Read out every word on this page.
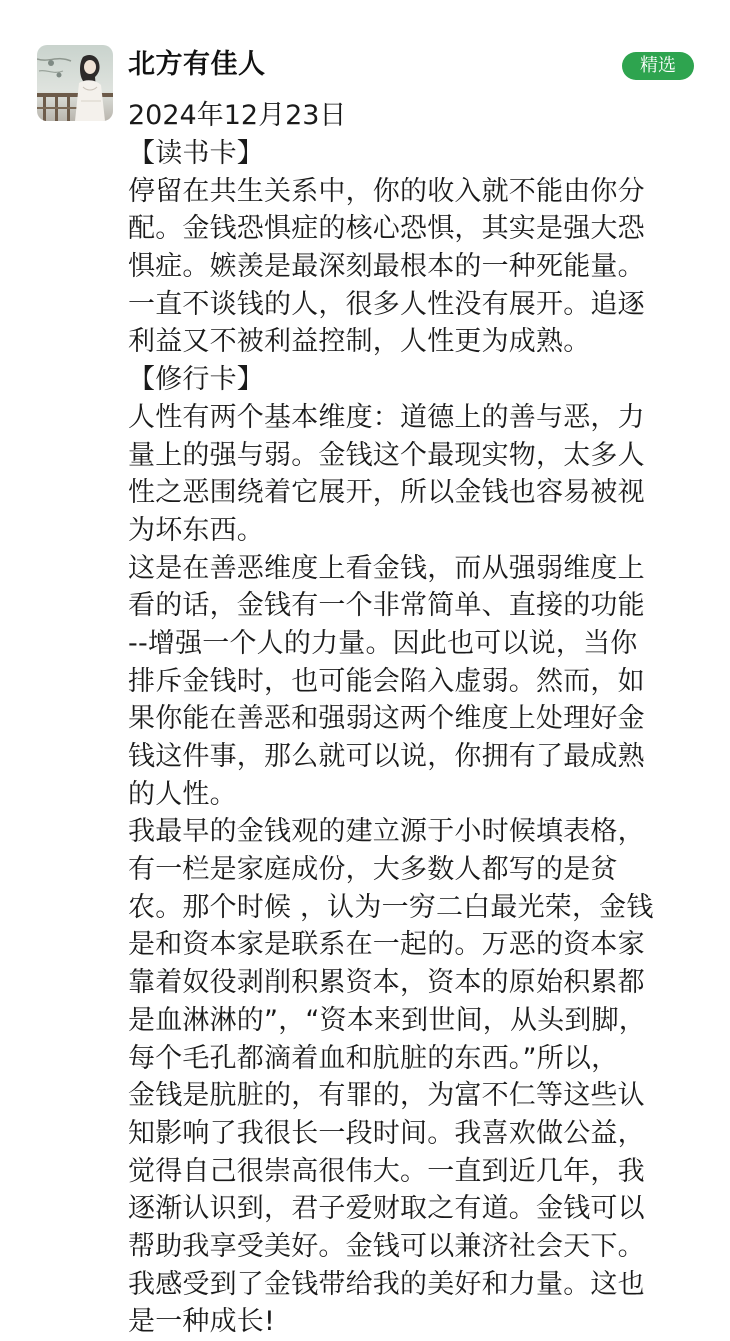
北方有佳人	精选
2024年12月23日
【读书卡】
停留在共生关系中，你的收入就不能由你分
配。金钱恐惧症的核心恐惧，其实是强大恐
惧症。嫉羡是最深刻最根本的一种死能量。
一直不谈钱的人，很多人性没有展开。追逐
利益又不被利益控制，人性更为成熟。
【修行卡】
人性有两个基本维度：道德上的善与恶，力
量上的强与弱。金钱这个最现实物，太多人
性之恶围绕着它展开，所以金钱也容易被视
为坏东西。
这是在善恶维度上看金钱，而从强弱维度上
看的话，金钱有一个非常简单、直接的功能
--增强一个人的力量。因此也可以说，当你
排斥金钱时，也可能会陷入虚弱。然而，如
果你能在善恶和强弱这两个维度上处理好金
钱这件事，那么就可以说，你拥有了最成熟
的人性。
我最早的金钱观的建立源于小时候填表格，
有一栏是家庭成份，大多数人都写的是贫
农。那个时候 ，认为一穷二白最光荣，金钱
是和资本家是联系在一起的。万恶的资本家
靠着奴役剥削积累资本，资本的原始积累都
是血淋淋的”，“资本来到世间，从头到脚，
每个毛孔都滴着血和肮脏的东西。”所以，
金钱是肮脏的，有罪的，为富不仁等这些认
知影响了我很长一段时间。我喜欢做公益，
觉得自己很崇高很伟大。一直到近几年，我
逐渐认识到，君子爱财取之有道。金钱可以
帮助我享受美好。金钱可以兼济社会天下。
我感受到了金钱带给我的美好和力量。这也
是一种成长!
